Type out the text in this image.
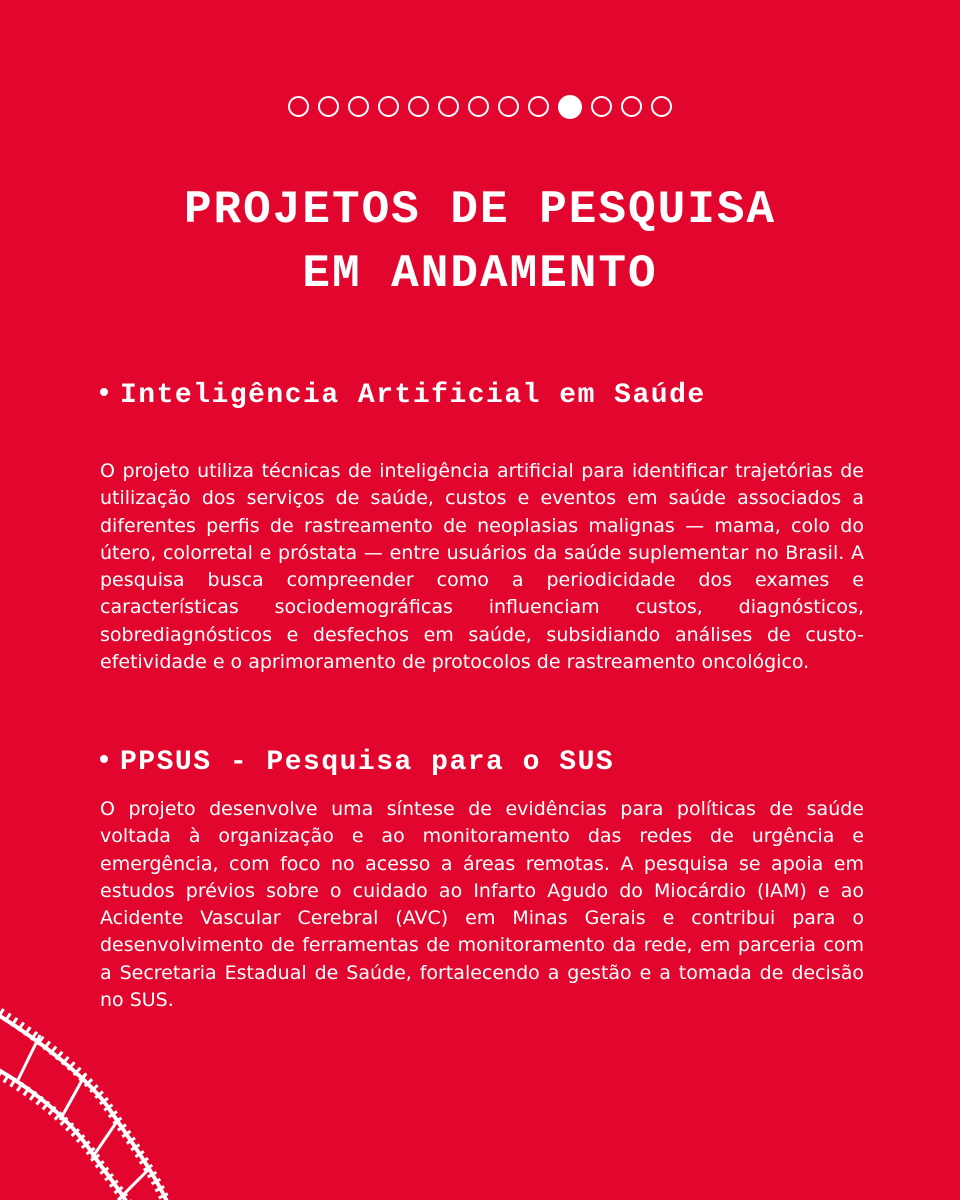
PROJETOS DE PESQUISA
EM ANDAMENTO
Inteligência Artificial em Saúde

O projeto utiliza técnicas de inteligência artificial para identificar trajetórias de utilização dos serviços de saúde, custos e eventos em saúde associados a diferentes perfis de rastreamento de neoplasias malignas — mama, colo do útero, colorretal e próstata — entre usuários da saúde suplementar no Brasil. A pesquisa busca compreender como a periodicidade dos exames e características sociodemográficas influenciam custos, diagnósticos, sobrediagnósticos e desfechos em saúde, subsidiando análises de custo-efetividade e o aprimoramento de protocolos de rastreamento oncológico.

PPSUS - Pesquisa para o SUS

O projeto desenvolve uma síntese de evidências para políticas de saúde voltada à organização e ao monitoramento das redes de urgência e emergência, com foco no acesso a áreas remotas. A pesquisa se apoia em estudos prévios sobre o cuidado ao Infarto Agudo do Miocárdio (IAM) e ao Acidente Vascular Cerebral (AVC) em Minas Gerais e contribui para o desenvolvimento de ferramentas de monitoramento da rede, em parceria com a Secretaria Estadual de Saúde, fortalecendo a gestão e a tomada de decisão no SUS.
